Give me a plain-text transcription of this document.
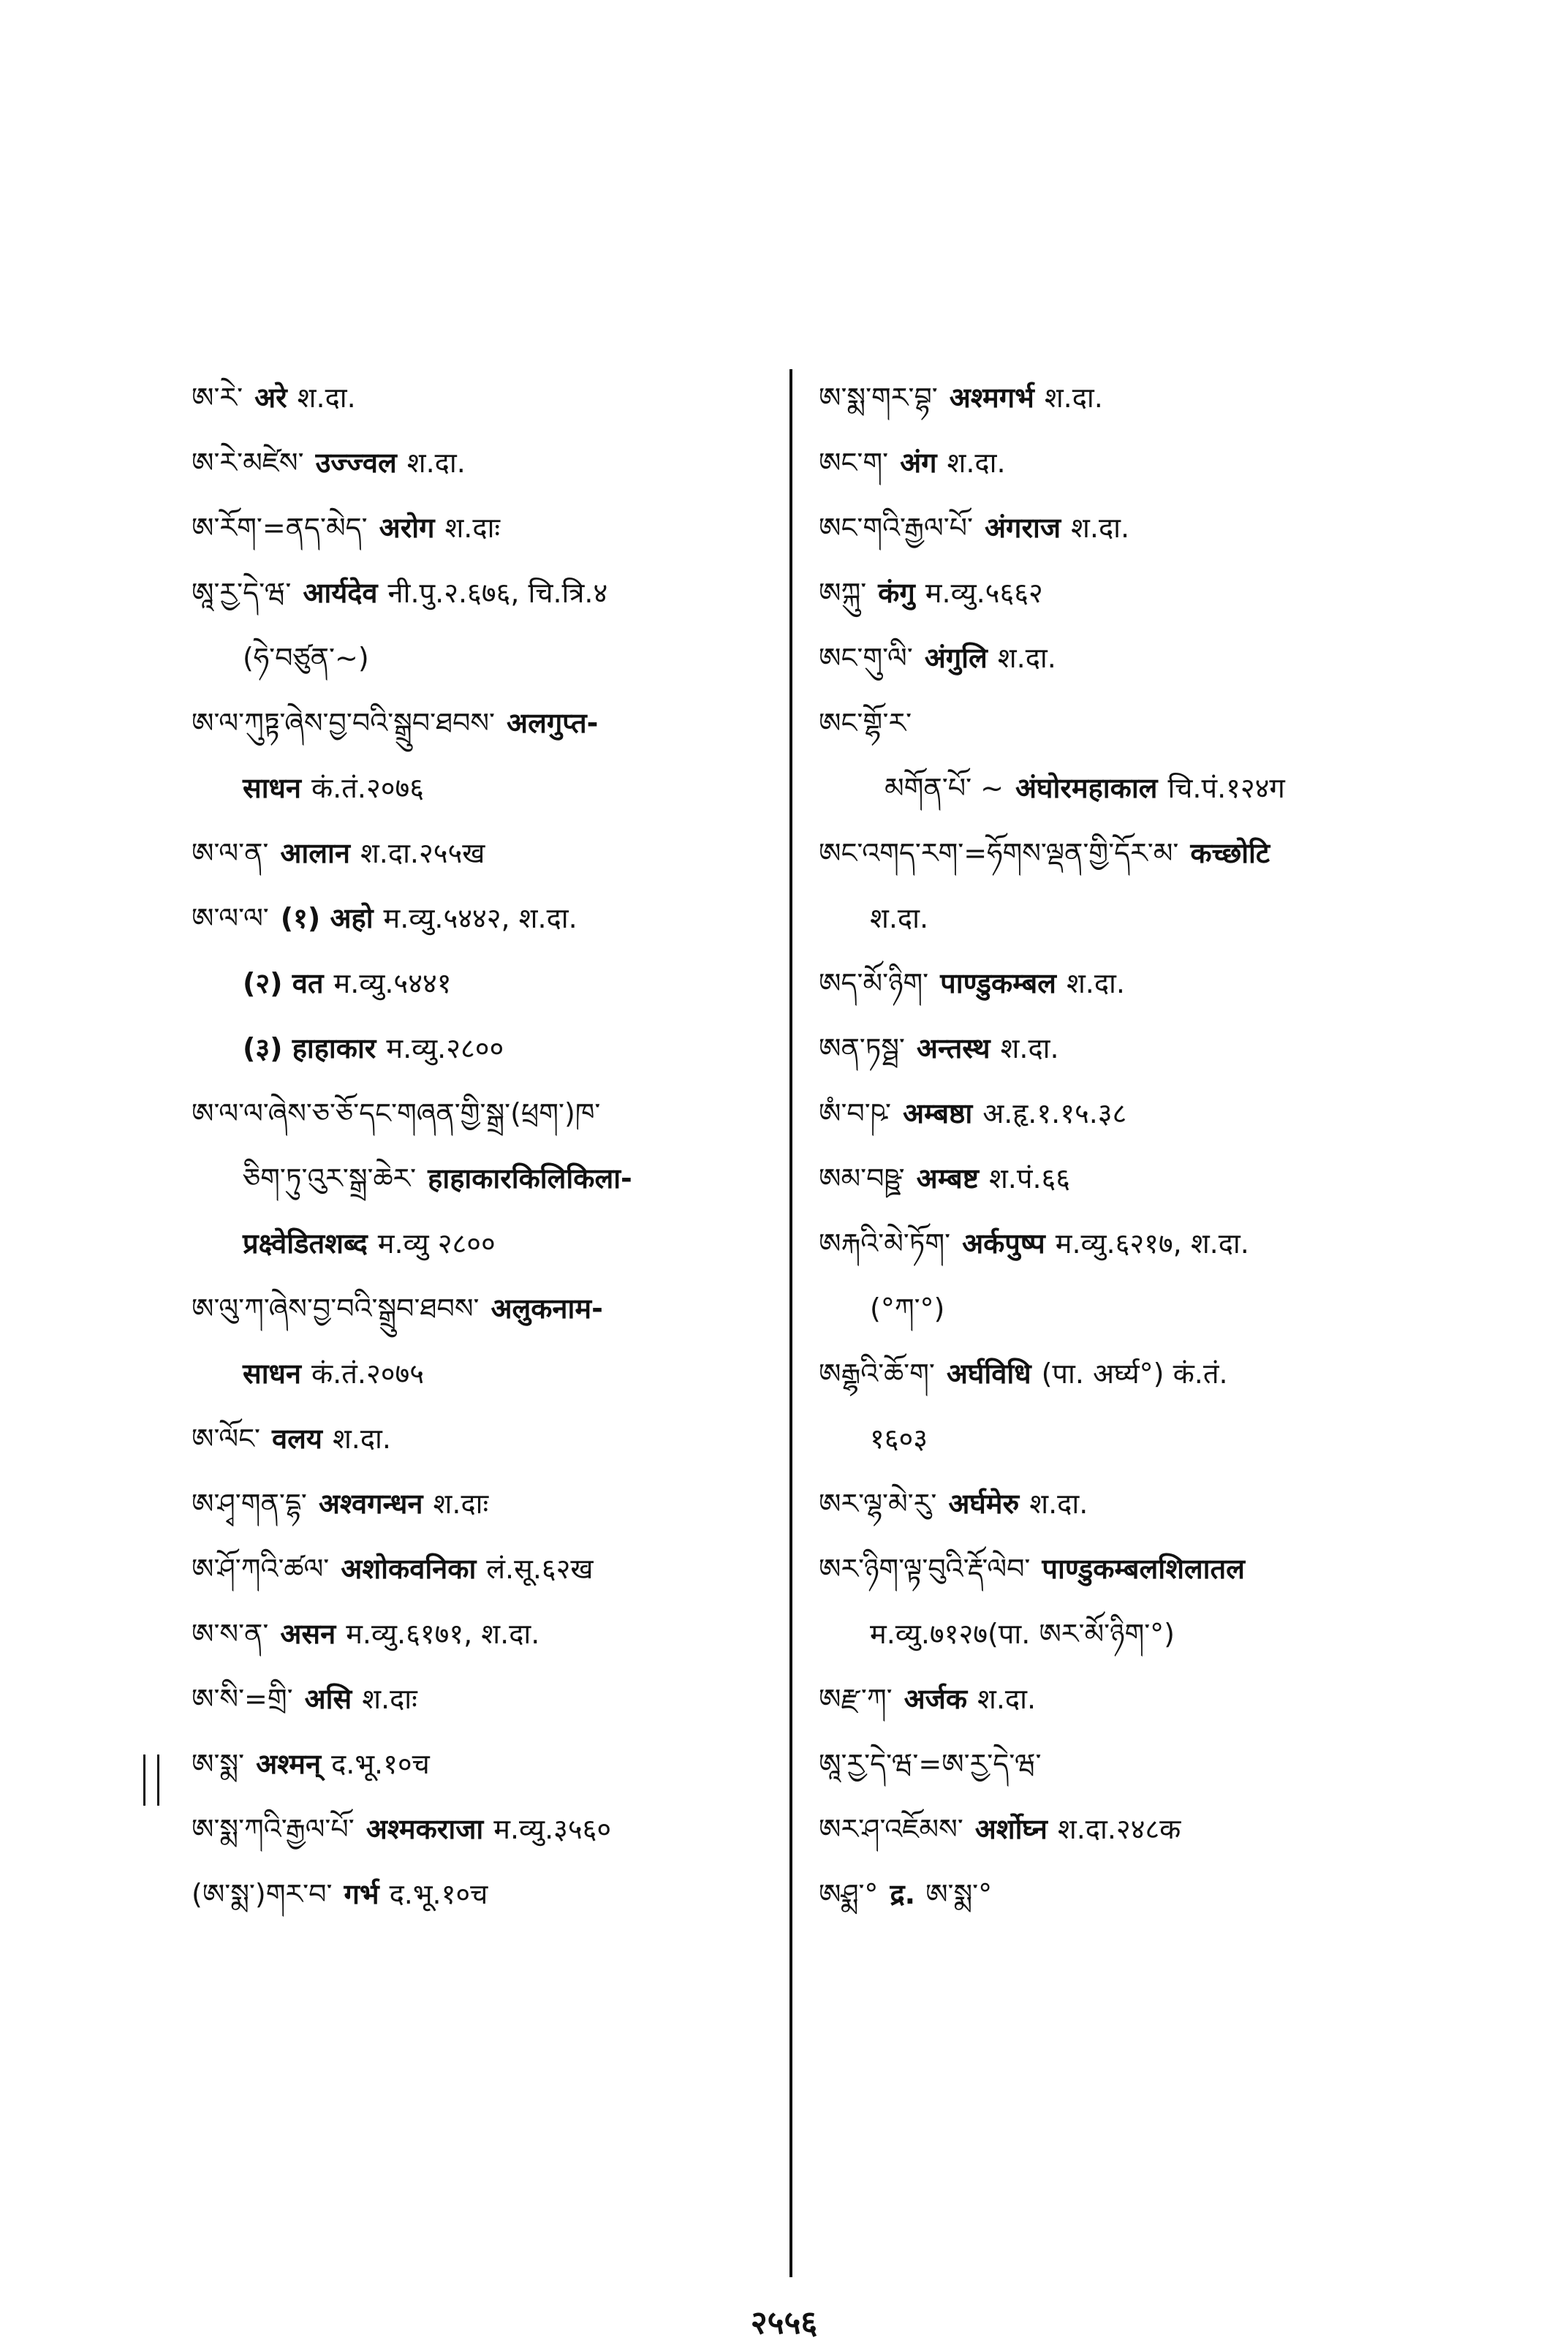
ཨ་རེ་ अरे श.दा.
ཨ་རེ་མཛེས་ उज्ज्वल श.दा.
ཨ་རོག་=ནད་མེད་ अरोग श.दाः
ཨཱ་རྱ་དེ་ཝ་ आर्यदेव नी.पु.२.६७६, चि.त्रि.४
(ཧེ་བཙུན་~)
ཨ་ལ་ཀུཏྟ་ཞེས་བྱ་བའི་སྒྲུབ་ཐབས་ अलगुप्त-
साधन कं.तं.२०७६
ཨ་ལ་ན་ आलान श.दा.२५५ख
ཨ་ལ་ལ་ (१) अहो म.व्यु.५४४२, श.दा.
(२) वत म.व्यु.५४४१
(३) हाहाकार म.व्यु.२८००
ཨ་ལ་ལ་ཞེས་ཅ་ཅོ་དང་གཞན་གྱི་སྒྲ་(ཕྲག་)ཁ་
ཅིག་ཏུ་འུར་སྒྲ་ཆེར་ हाहाकारकिलिकिला-
प्रक्ष्वेडितशब्द म.व्यु २८००
ཨ་ལུ་ཀ་ཞེས་བྱ་བའི་སྒྲུབ་ཐབས་ अलुकनाम-
साधन कं.तं.२०७५
ཨ་ལོང་ वलय श.दा.
ཨ་ཤྭ་གན་དྷ་ अश्वगन्धन श.दाः
ཨ་ཤོ་ཀའི་ཚལ་ अशोकवनिका लं.सू.६२ख
ཨ་ས་ན་ असन म.व्यु.६१७१, श.दा.
ཨ་སི་=གྲི་ असि श.दाः
ཨ་སྨ་ अश्मन् द.भू.१०च
ཨ་སྨ་ཀའི་རྒྱལ་པོ་ अश्मकराजा म.व्यु.३५६०
(ཨ་སྨ་)གར་བ་ गर्भ द.भू.१०च
ཨ་སྨ་གར་བྷ་ अश्मगर्भ श.दा.
ཨང་ག་ अंग श.दा.
ཨང་གའི་རྒྱལ་པོ་ अंगराज श.दा.
ཨཀྐུ་ कंगु म.व्यु.५६६२
ཨང་གུ་ལི་ अंगुलि श.दा.
ཨང་གྷོ་ར་
མགོན་པོ་ ~ अंघोरमहाकाल चि.पं.१२४ग
ཨང་འགད་རག་=ཧོགས་ལྡན་གྱི་དོར་མ་ कच्छोटि
श.दा.
ཨད་མོ་ཉིག་ पाण्डुकम्बल श.दा.
ཨན་ཏསྠ་ अन्तस्थ श.दा.
ཨཾ་བ་ཥ་ अम्बष्ठा अ.हृ.१.१५.३८
ཨམ་བཥྛ་ अम्बष्ट श.पं.६६
ཨརྐའི་མེ་ཏོག་ अर्कपुष्प म.व्यु.६२१७, श.दा.
(°ཀ་°)
ཨརྒྷའི་ཆོ་ག་ अर्घविधि (पा. अर्घ्य°) कं.तं.
१६०३
ཨར་ལྷ་མེ་རུ་ अर्घमेरु श.दा.
ཨར་ཉིག་ལྟ་བུའི་རྡོ་ལེབ་ पाण्डुकम्बलशिलातल
म.व्यु.७१२७(पा. ཨར་མོ་ཉིག་°)
ཨརྫ་ཀ་ अर्जक श.दा.
ཨཱ་རྱ་དེ་ཝ་=ཨ་རྱ་དེ་ཝ་
ཨར་ཤ་འཇོམས་ अर्शोघ्न श.दा.२४८क
ཨཤྨ་° द्र. ཨ་སྨ་°
२५५६
